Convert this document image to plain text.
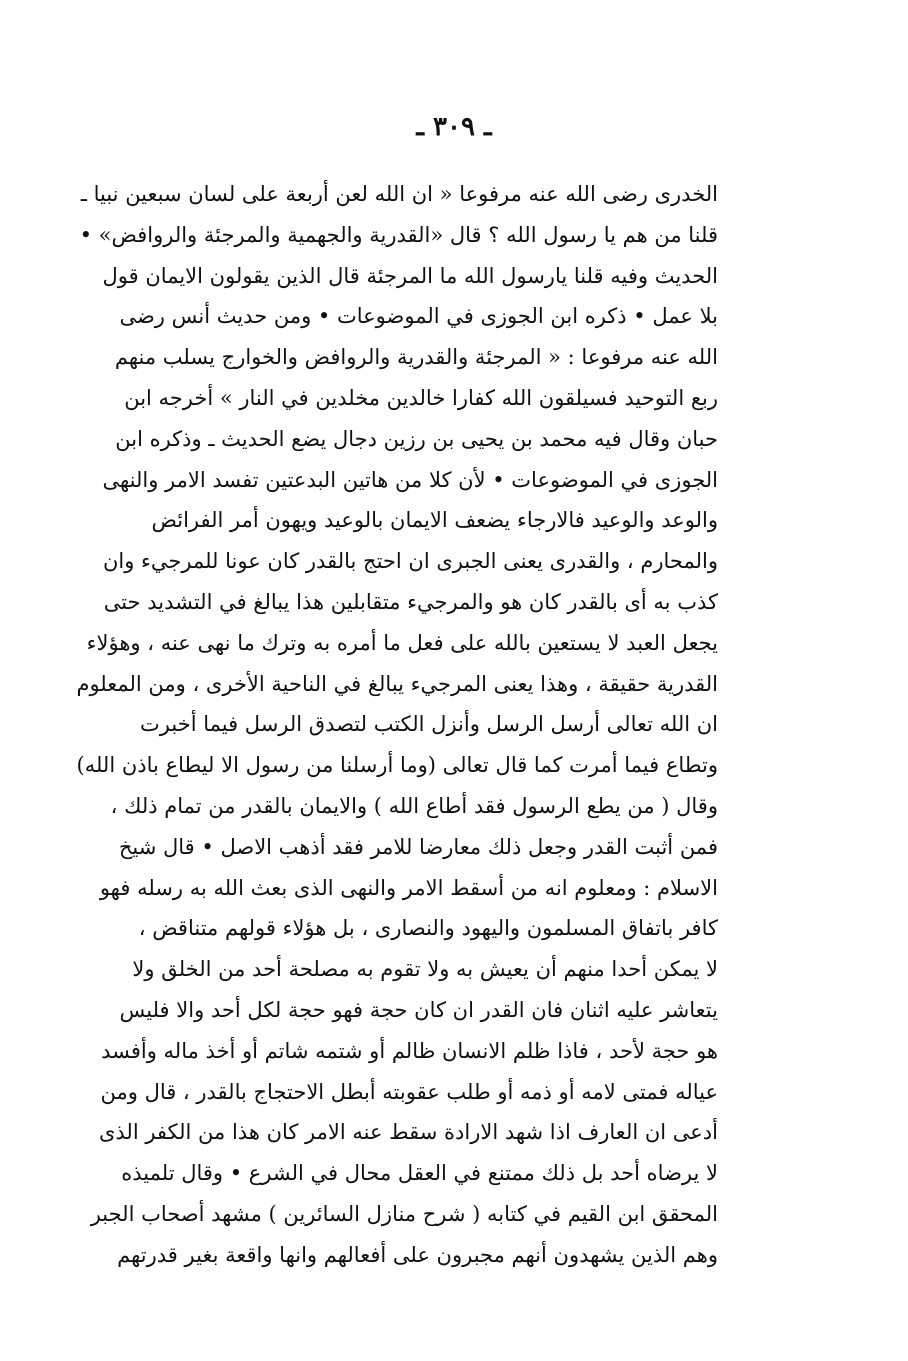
ـ ٣٠٩ ـ
الخدرى رضى الله عنه مرفوعا « ان الله لعن أربعة على لسان سبعين نبيا ـ
قلنا من هم يا رسول الله ؟ قال «القدرية والجهمية والمرجئة والروافض» •
الحديث وفيه قلنا يارسول الله ما المرجئة قال الذين يقولون الايمان قول
بلا عمل • ذكره ابن الجوزى في الموضوعات • ومن حديث أنس رضى
الله عنه مرفوعا : « المرجئة والقدرية والروافض والخوارج يسلب منهم
ربع التوحيد فسيلقون الله كفارا خالدين مخلدين في النار » أخرجه ابن
حبان وقال فيه محمد بن يحيى بن رزين دجال يضع الحديث ـ وذكره ابن
الجوزى في الموضوعات • لأن كلا من هاتين البدعتين تفسد الامر والنهى
والوعد والوعيد فالارجاء يضعف الايمان بالوعيد ويهون أمر الفرائض
والمحارم ، والقدرى يعنى الجبرى ان احتج بالقدر كان عونا للمرجيء وان
كذب به أى بالقدر كان هو والمرجيء متقابلين هذا يبالغ في التشديد حتى
يجعل العبد لا يستعين بالله على فعل ما أمره به وترك ما نهى عنه ، وهؤلاء
القدرية حقيقة ، وهذا يعنى المرجيء يبالغ في الناحية الأخرى ، ومن المعلوم
ان الله تعالى أرسل الرسل وأنزل الكتب لتصدق الرسل فيما أخبرت
وتطاع فيما أمرت كما قال تعالى (وما أرسلنا من رسول الا ليطاع باذن الله)
وقال ( من يطع الرسول فقد أطاع الله ) والايمان بالقدر من تمام ذلك ،
فمن أثبت القدر وجعل ذلك معارضا للامر فقد أذهب الاصل • قال شيخ
الاسلام : ومعلوم انه من أسقط الامر والنهى الذى بعث الله به رسله فهو
كافر باتفاق المسلمون واليهود والنصارى ، بل هؤلاء قولهم متناقض ،
لا يمكن أحدا منهم أن يعيش به ولا تقوم به مصلحة أحد من الخلق ولا
يتعاشر عليه اثنان فان القدر ان كان حجة فهو حجة لكل أحد والا فليس
هو حجة لأحد ، فاذا ظلم الانسان ظالم أو شتمه شاتم أو أخذ ماله وأفسد
عياله فمتى لامه أو ذمه أو طلب عقوبته أبطل الاحتجاج بالقدر ، قال ومن
أدعى ان العارف اذا شهد الارادة سقط عنه الامر كان هذا من الكفر الذى
لا يرضاه أحد بل ذلك ممتنع في العقل محال في الشرع • وقال تلميذه
المحقق ابن القيم في كتابه ( شرح منازل السائرين ) مشهد أصحاب الجبر
وهم الذين يشهدون أنهم مجبرون على أفعالهم وانها واقعة بغير قدرتهم
